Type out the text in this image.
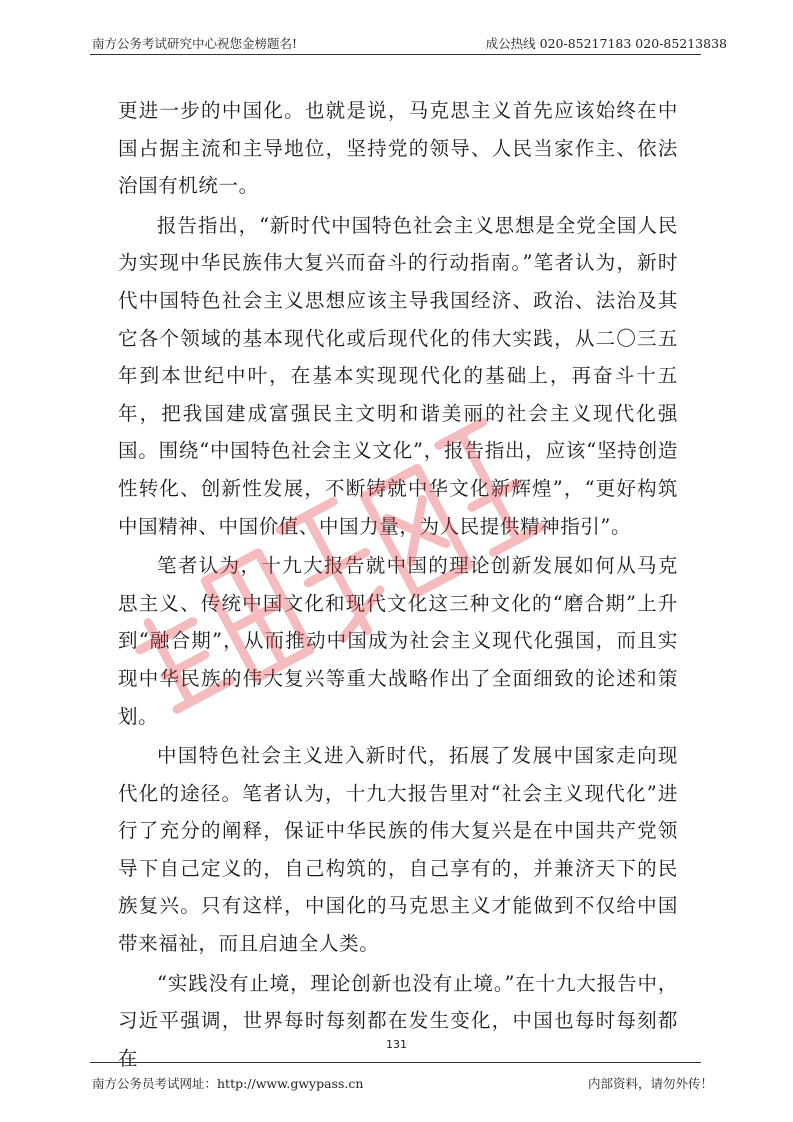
南方公务考试研究中心祝您金榜题名!	成公热线 020-85217183 020-85213838

更进一步的中国化。也就是说，马克思主义首先应该始终在中国占据主流和主导地位，坚持党的领导、人民当家作主、依法治国有机统一。

报告指出，“新时代中国特色社会主义思想是全党全国人民为实现中华民族伟大复兴而奋斗的行动指南。”笔者认为，新时代中国特色社会主义思想应该主导我国经济、政治、法治及其它各个领域的基本现代化或后现代化的伟大实践，从二〇三五年到本世纪中叶，在基本实现现代化的基础上，再奋斗十五年，把我国建成富强民主文明和谐美丽的社会主义现代化强国。围绕“中国特色社会主义文化”，报告指出，应该“坚持创造性转化、创新性发展，不断铸就中华文化新辉煌”，“更好构筑中国精神、中国价值、中国力量，为人民提供精神指引”。

笔者认为，十九大报告就中国的理论创新发展如何从马克思主义、传统中国文化和现代文化这三种文化的“磨合期”上升到“融合期”，从而推动中国成为社会主义现代化强国，而且实现中华民族的伟大复兴等重大战略作出了全面细致的论述和策划。

中国特色社会主义进入新时代，拓展了发展中国家走向现代化的途径。笔者认为，十九大报告里对“社会主义现代化”进行了充分的阐释，保证中华民族的伟大复兴是在中国共产党领导下自己定义的，自己构筑的，自己享有的，并兼济天下的民族复兴。只有这样，中国化的马克思主义才能做到不仅给中国带来福祉，而且启迪全人类。

“实践没有止境，理论创新也没有止境。”在十九大报告中，习近平强调，世界每时每刻都在发生变化，中国也每时每刻都在

131
南方公务员考试网址：http://www.gwypass.cn	内部资料，请勿外传！
